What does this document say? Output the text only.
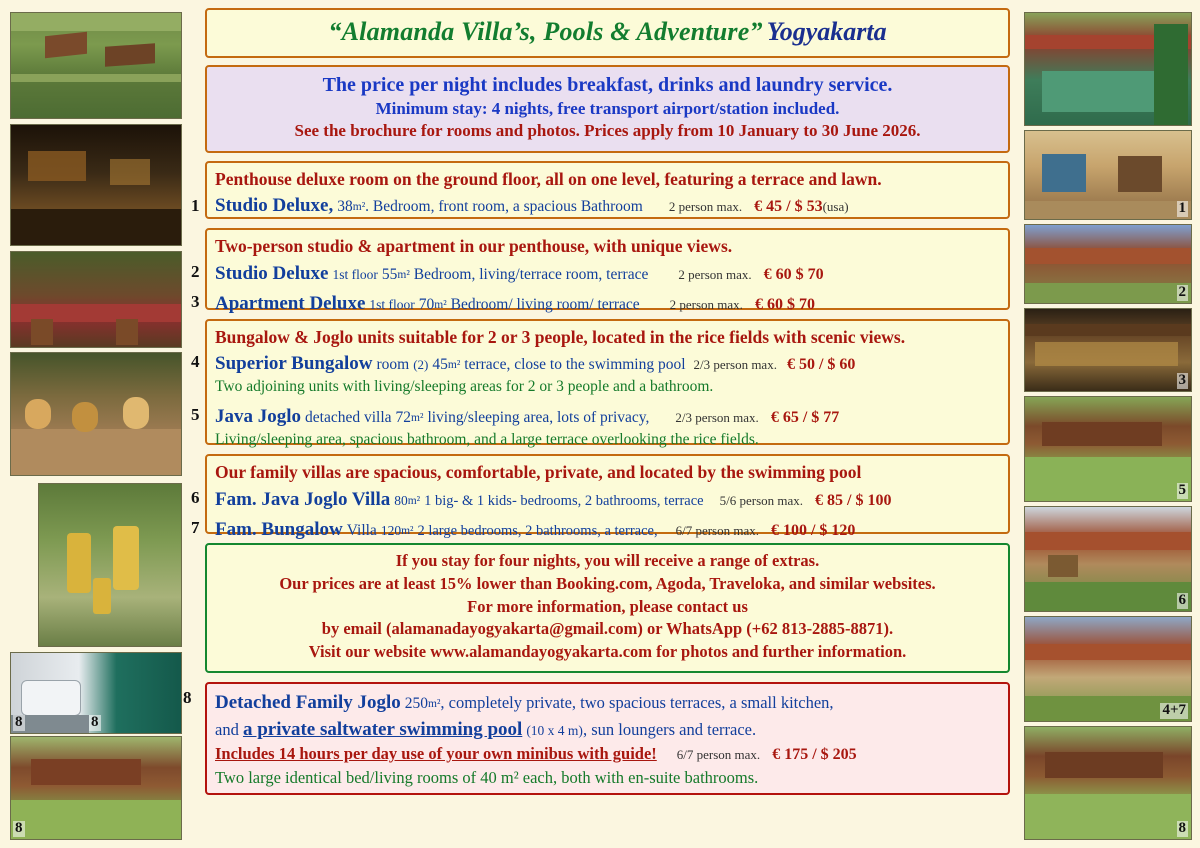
8	8
8
1
2
3
5
6
4+7
8
“Alamanda Villa’s, Pools & Adventure” Yogyakarta
The price per night includes breakfast, drinks and laundry service.
Minimum stay: 4 nights, free transport airport/station included.
See the brochure for rooms and photos. Prices apply from 10 January to 30 June 2026.
Penthouse deluxe room on the ground floor, all on one level, featuring a terrace and lawn.
1 Studio Deluxe, 38m². Bedroom, front room, a spacious Bathroom 2 person max. € 45 / $ 53(usa)
Two-person studio & apartment in our penthouse, with unique views.
2 Studio Deluxe 1st floor 55m² Bedroom, living/terrace room, terrace 2 person max. € 60 $ 70
3 Apartment Deluxe 1st floor 70m² Bedroom/ living room/ terrace 2 person max. € 60 $ 70
Bungalow & Joglo units suitable for 2 or 3 people, located in the rice fields with scenic views.
4 Superior Bungalow room (2) 45m² terrace, close to the swimming pool 2/3 person max. € 50 / $ 60
Two adjoining units with living/sleeping areas for 2 or 3 people and a bathroom.
5 Java Joglo detached villa 72m² living/sleeping area, lots of privacy, 2/3 person max. € 65 / $ 77
Living/sleeping area, spacious bathroom, and a large terrace overlooking the rice fields.
Our family villas are spacious, comfortable, private, and located by the swimming pool
6 Fam. Java Joglo Villa 80m² 1 big- & 1 kids- bedrooms, 2 bathrooms, terrace 5/6 person max. € 85 / $ 100
7 Fam. Bungalow Villa 120m² 2 large bedrooms, 2 bathrooms, a terrace, 6/7 person max. € 100 / $ 120
If you stay for four nights, you will receive a range of extras.
Our prices are at least 15% lower than Booking.com, Agoda, Traveloka, and similar websites.
For more information, please contact us
by email (alamanadayogyakarta@gmail.com) or WhatsApp (+62 813-2885-8871).
Visit our website www.alamandayogyakarta.com for photos and further information.
8 Detached Family Joglo 250m², completely private, two spacious terraces, a small kitchen,
and a private saltwater swimming pool (10 x 4 m), sun loungers and terrace.
Includes 14 hours per day use of your own minibus with guide! 6/7 person max. € 175 / $ 205
Two large identical bed/living rooms of 40 m² each, both with en-suite bathrooms.
